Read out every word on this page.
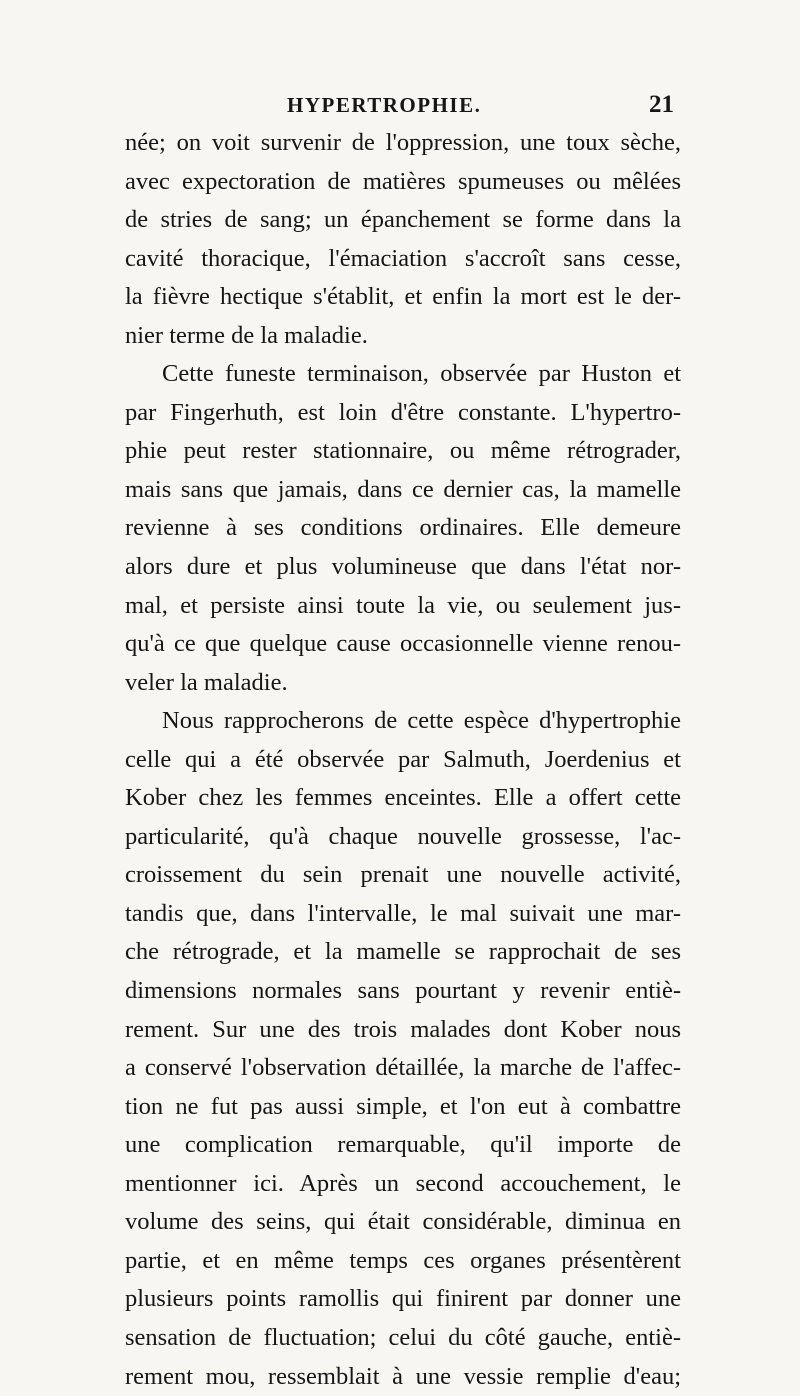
HYPERTROPHIE.	21
née; on voit survenir de l'oppression, une toux sèche,
avec expectoration de matières spumeuses ou mêlées
de stries de sang; un épanchement se forme dans la
cavité thoracique, l'émaciation s'accroît sans cesse,
la fièvre hectique s'établit, et enfin la mort est le der-
nier terme de la maladie.
Cette funeste terminaison, observée par Huston et
par Fingerhuth, est loin d'être constante. L'hypertro-
phie peut rester stationnaire, ou même rétrograder,
mais sans que jamais, dans ce dernier cas, la mamelle
revienne à ses conditions ordinaires. Elle demeure
alors dure et plus volumineuse que dans l'état nor-
mal, et persiste ainsi toute la vie, ou seulement jus-
qu'à ce que quelque cause occasionnelle vienne renou-
veler la maladie.
Nous rapprocherons de cette espèce d'hypertrophie
celle qui a été observée par Salmuth, Joerdenius et
Kober chez les femmes enceintes. Elle a offert cette
particularité, qu'à chaque nouvelle grossesse, l'ac-
croissement du sein prenait une nouvelle activité,
tandis que, dans l'intervalle, le mal suivait une mar-
che rétrograde, et la mamelle se rapprochait de ses
dimensions normales sans pourtant y revenir entiè-
rement. Sur une des trois malades dont Kober nous
a conservé l'observation détaillée, la marche de l'affec-
tion ne fut pas aussi simple, et l'on eut à combattre
une complication remarquable, qu'il importe de
mentionner ici. Après un second accouchement, le
volume des seins, qui était considérable, diminua en
partie, et en même temps ces organes présentèrent
plusieurs points ramollis qui finirent par donner une
sensation de fluctuation; celui du côté gauche, entiè-
rement mou, ressemblait à une vessie remplie d'eau;
